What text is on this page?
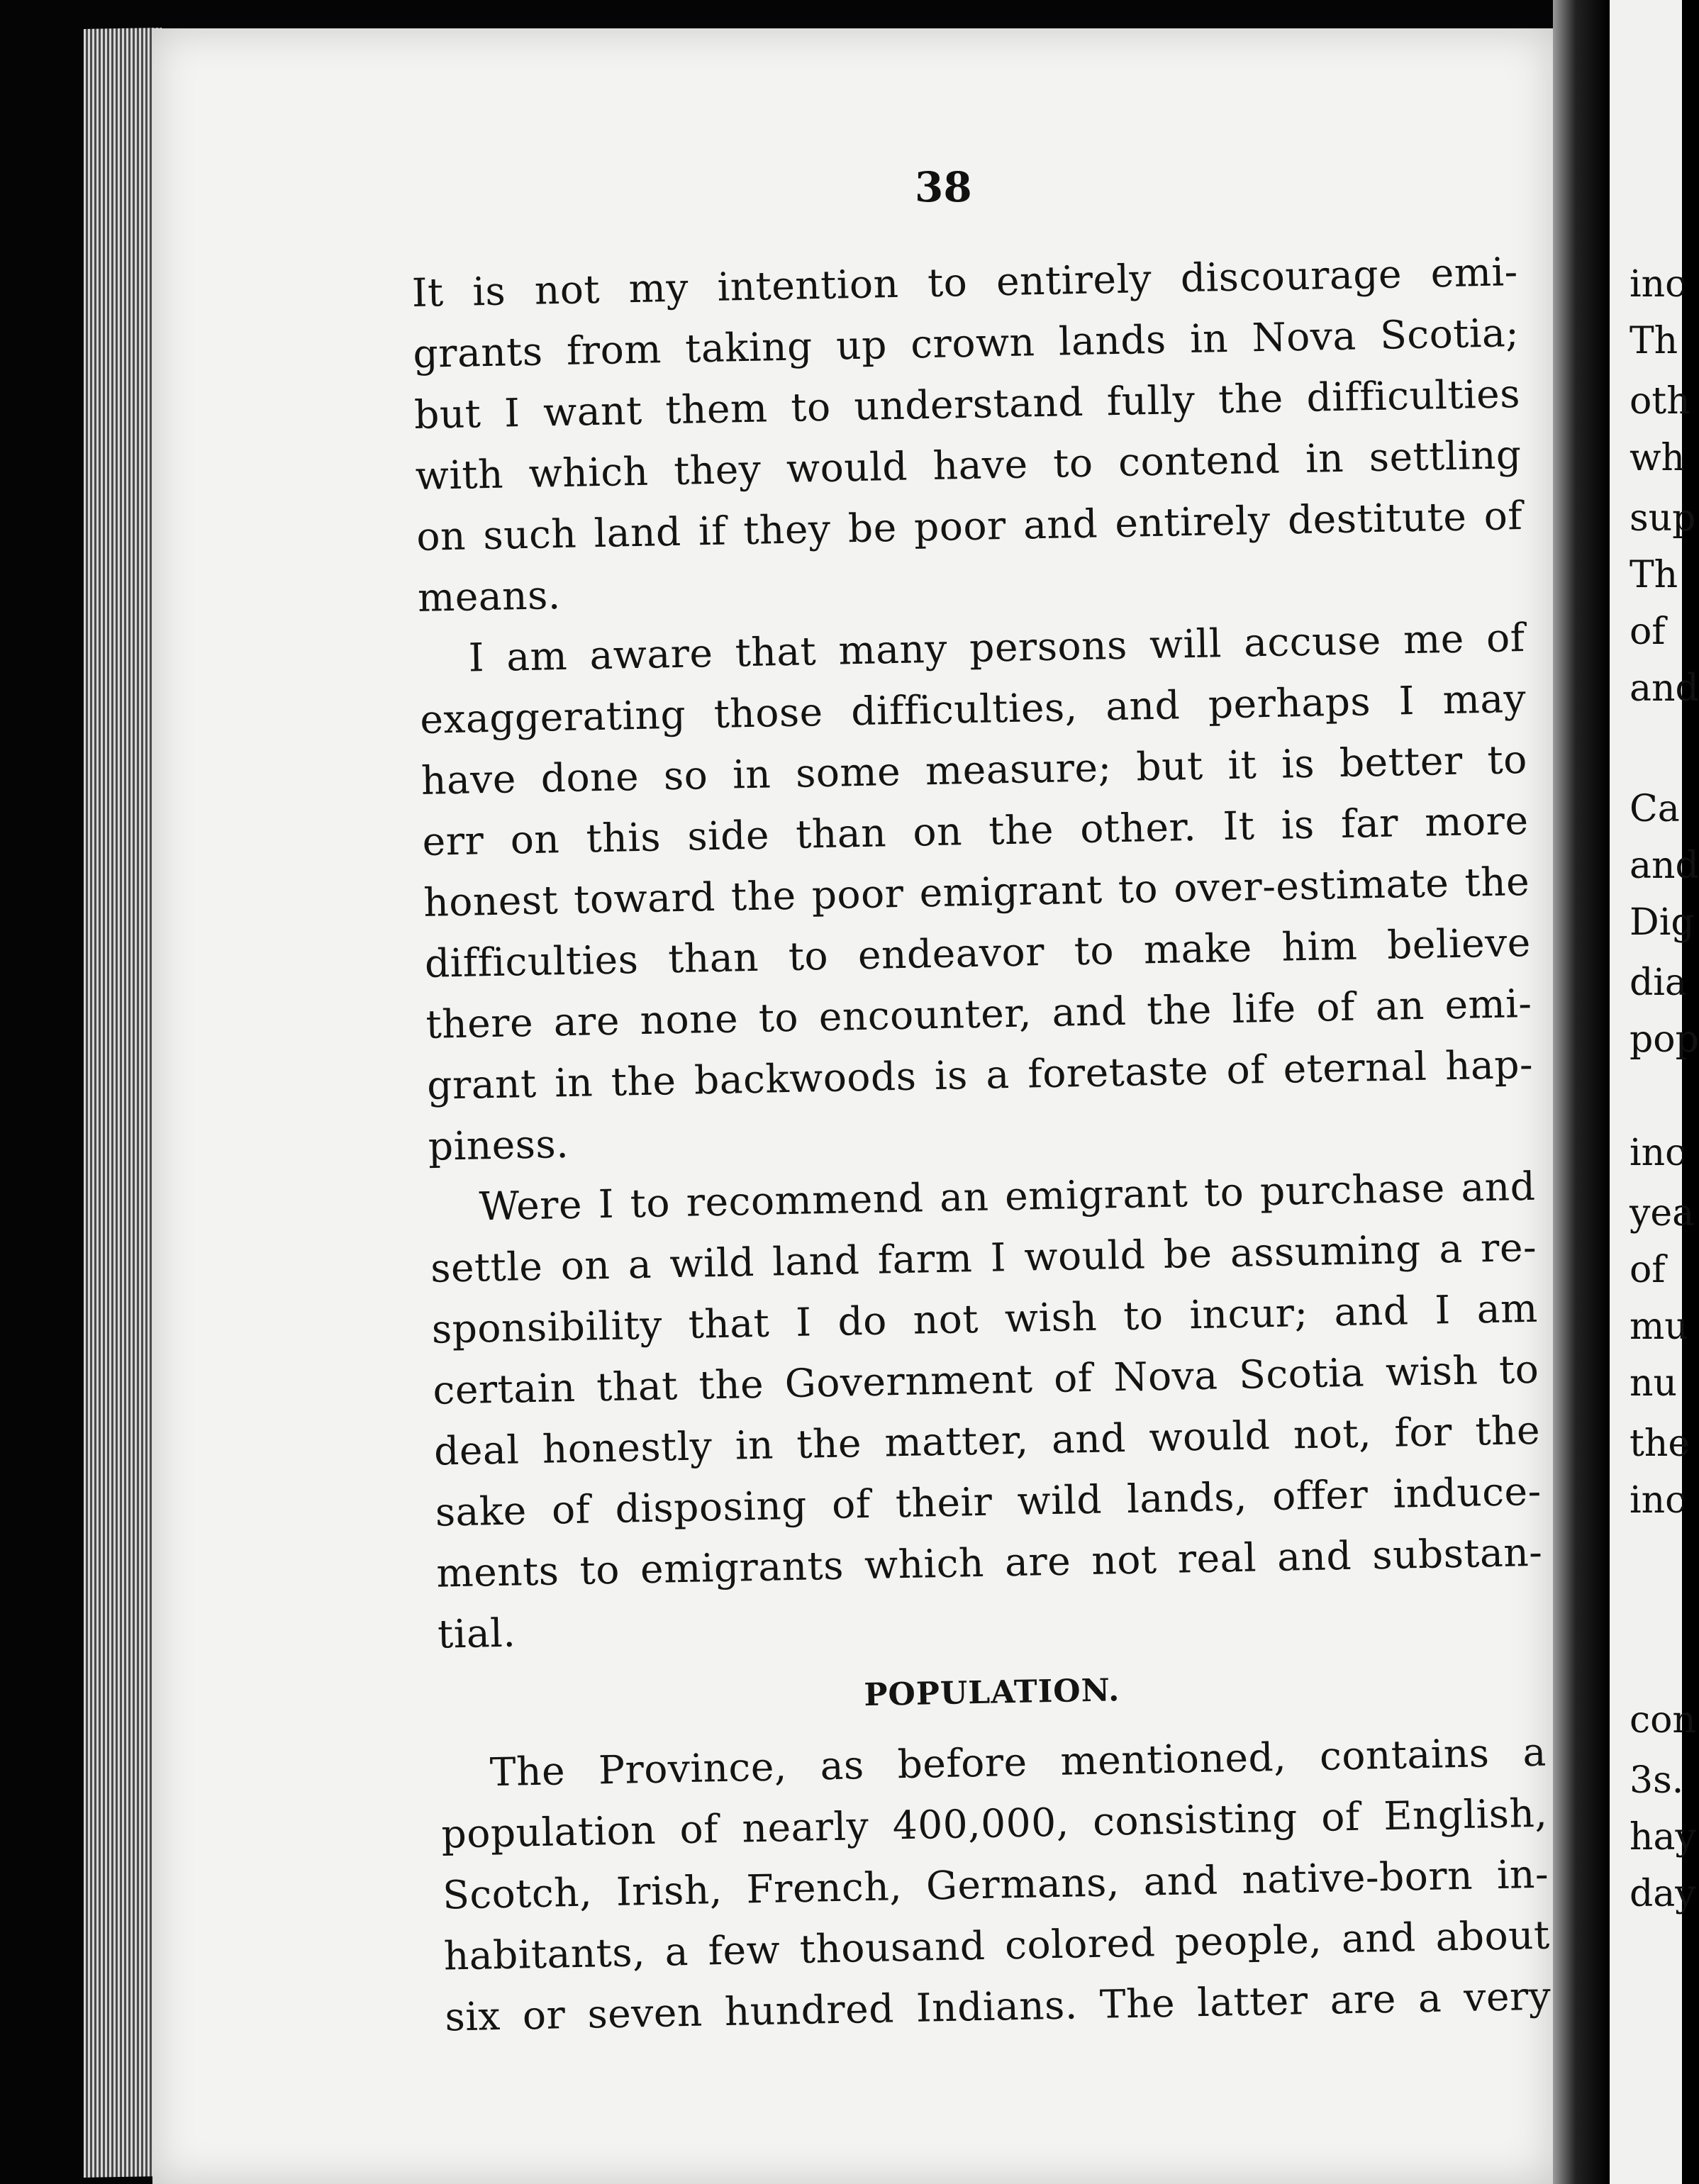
38
It is not my intention to entirely discourage emi-
grants from taking up crown lands in Nova Scotia;
but I want them to understand fully the difficulties
with which they would have to contend in settling
on such land if they be poor and entirely destitute of
means.
I am aware that many persons will accuse me of
exaggerating those difficulties, and perhaps I may
have done so in some measure; but it is better to
err on this side than on the other. It is far more
honest toward the poor emigrant to over-estimate the
difficulties than to endeavor to make him believe
there are none to encounter, and the life of an emi-
grant in the backwoods is a foretaste of eternal hap-
piness.
Were I to recommend an emigrant to purchase and
settle on a wild land farm I would be assuming a re-
sponsibility that I do not wish to incur; and I am
certain that the Government of Nova Scotia wish to
deal honestly in the matter, and would not, for the
sake of disposing of their wild lands, offer induce-
ments to emigrants which are not real and substan-
tial.
POPULATION.
The Province, as before mentioned, contains a
population of nearly 400,000, consisting of English,
Scotch, Irish, French, Germans, and native-born in-
habitants, a few thousand colored people, and about
six or seven hundred Indians. The latter are a very
inc
Th
oth
wh
sup
Th
of
and
Ca
and
Dig
dia
pop
inc
yea
of
mu
nu
the
inc
con
3s.
hay
day
